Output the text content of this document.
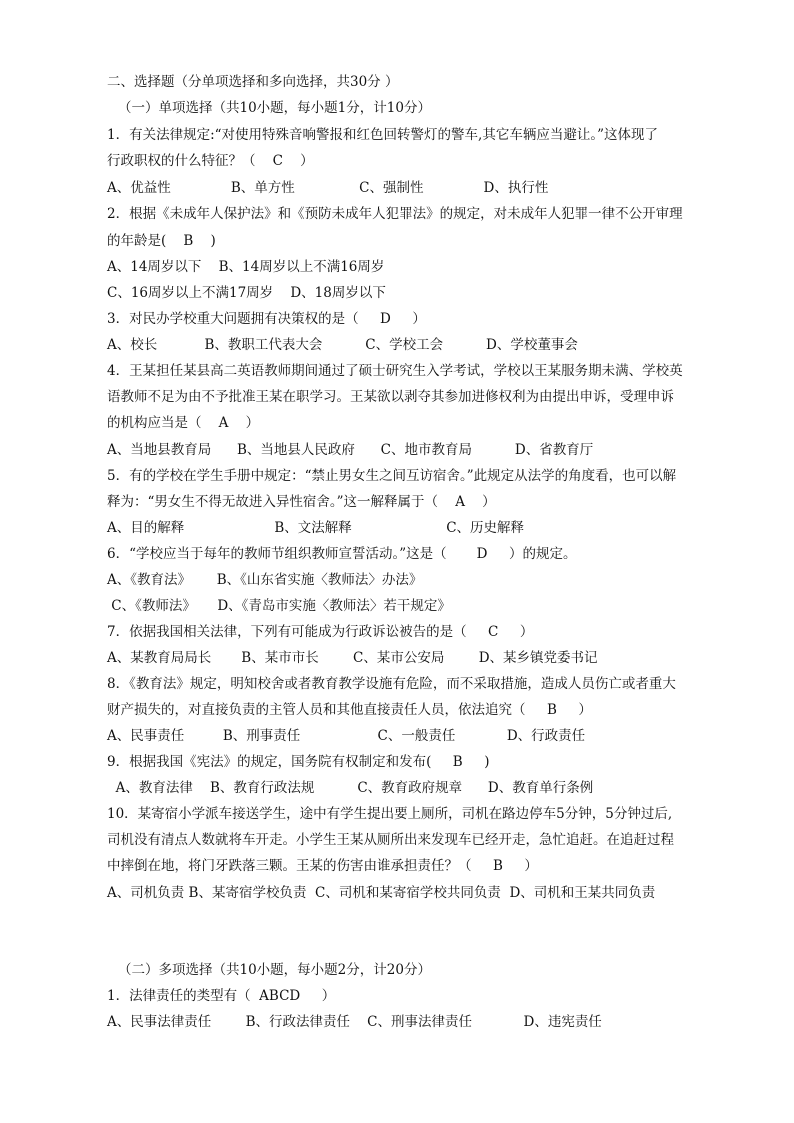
二、选择题（分单项选择和多向选择，共30分 ）
（一）单项选择（共10小题，每小题1分，计10分）
1．有关法律规定:“对使用特殊音响警报和红色回转警灯的警车,其它车辆应当避让。”这体现了
行政职权的什么特征？（    C    ）
A、优益性              B、单方性               C、强制性              D、执行性
2．根据《未成年人保护法》和《预防未成年人犯罪法》的规定，对未成年人犯罪一律不公开审理
的年龄是(    B    )
A、14周岁以下    B、14周岁以上不满16周岁
C、16周岁以上不满17周岁    D、18周岁以下
3．对民办学校重大问题拥有决策权的是（     D     ）
A、校长           B、教职工代表大会          C、学校工会          D、学校董事会
4．王某担任某县高二英语教师期间通过了硕士研究生入学考试，学校以王某服务期未满、学校英
语教师不足为由不予批准王某在职学习。王某欲以剥夺其参加进修权利为由提出申诉，受理申诉
的机构应当是（    A    ）
A、当地县教育局      B、当地县人民政府      C、地市教育局          D、省教育厅
5．有的学校在学生手册中规定：“禁止男女生之间互访宿舍。”此规定从法学的角度看，也可以解
释为：“男女生不得无故进入异性宿舍。”这一解释属于（    A    ）
A、目的解释                     B、文法解释                      C、历史解释
6．“学校应当于每年的教师节组织教师宣誓活动。”这是（       D     ）的规定。
A、《教育法》      B、《山东省实施〈教师法〉办法》
C、《教师法》     D、《青岛市实施〈教师法〉若干规定》
7．依据我国相关法律，下列有可能成为行政诉讼被告的是（     C     ）
A、某教育局局长       B、某市市长        C、某市公安局        D、某乡镇党委书记
8．《教育法》规定，明知校舍或者教育教学设施有危险，而不采取措施，造成人员伤亡或者重大
财产损失的，对直接负责的主管人员和其他直接责任人员，依法追究（     B     ）
A、民事责任         B、刑事责任                  C、一般责任            D、行政责任
9．根据我国《宪法》的规定，国务院有权制定和发布(     B     )
A、教育法律    B、教育行政法规          C、教育政府规章      D、教育单行条例
10．某寄宿小学派车接送学生，途中有学生提出要上厕所，司机在路边停车5分钟，5分钟过后,
司机没有清点人数就将车开走。小学生王某从厕所出来发现车已经开走，急忙追赶。在追赶过程
中摔倒在地，将门牙跌落三颗。王某的伤害由谁承担责任？（     B     ）
A、司机负责 B、某寄宿学校负责  C、司机和某寄宿学校共同负责  D、司机和王某共同负责
（二）多项选择（共10小题，每小题2分，计20分）
1．法律责任的类型有（  ABCD     ）
A、民事法律责任        B、行政法律责任    C、刑事法律责任            D、违宪责任
